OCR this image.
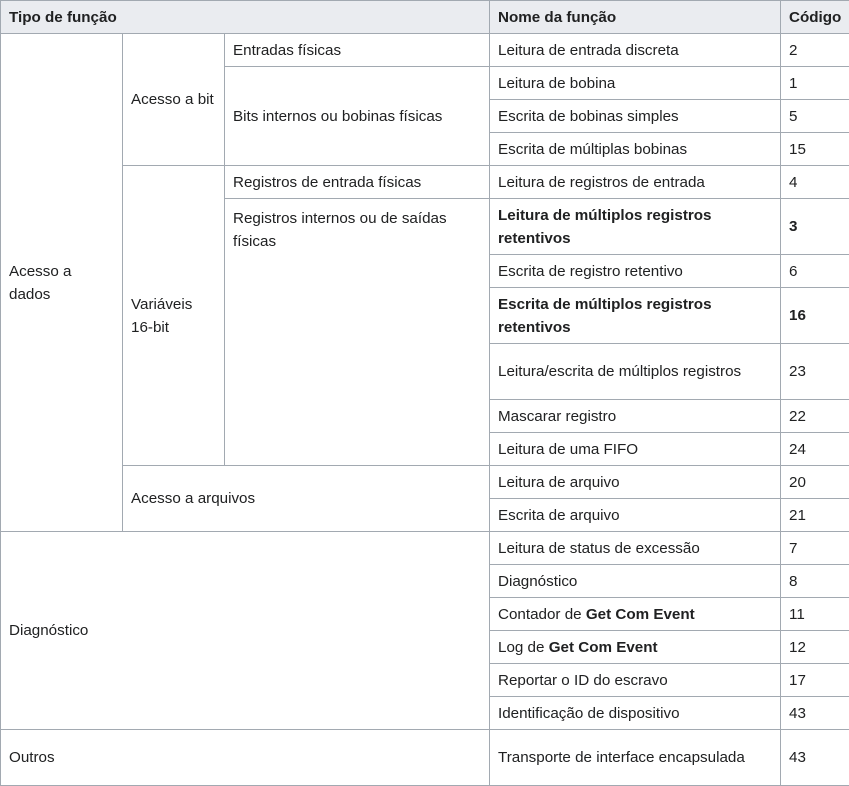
Tipo de função			Nome da função	Código
Acesso a dados	Acesso a bit	Entradas físicas	Leitura de entrada discreta	2
		Bits internos ou bobinas físicas	Leitura de bobina	1
			Escrita de bobinas simples	5
			Escrita de múltiplas bobinas	15
	Variáveis 16-bit	Registros de entrada físicas	Leitura de registros de entrada	4
		Registros internos ou de saídas físicas	Leitura de múltiplos registros retentivos	3
			Escrita de registro retentivo	6
			Escrita de múltiplos registros retentivos	16
			Leitura/escrita de múltiplos registros	23
			Mascarar registro	22
			Leitura de uma FIFO	24
	Acesso a arquivos		Leitura de arquivo	20
			Escrita de arquivo	21
Diagnóstico			Leitura de status de excessão	7
			Diagnóstico	8
			Contador de Get Com Event	11
			Log de Get Com Event	12
			Reportar o ID do escravo	17
			Identificação de dispositivo	43
Outros			Transporte de interface encapsulada	43
